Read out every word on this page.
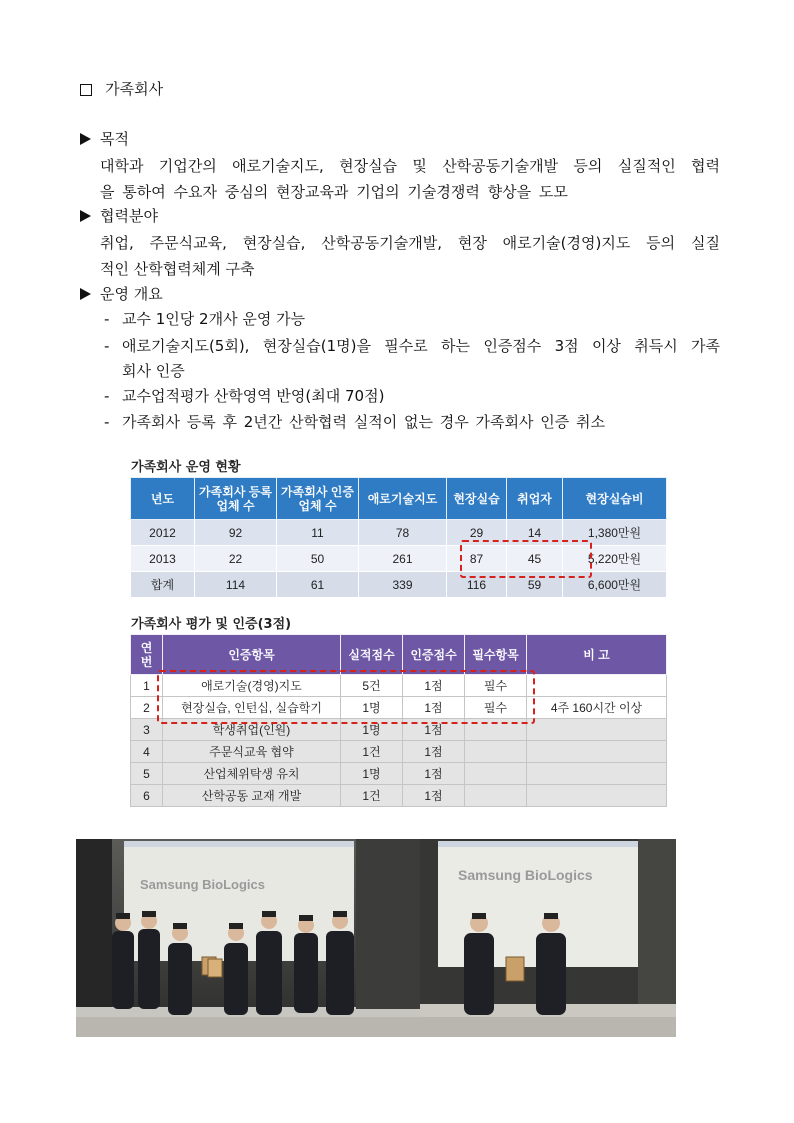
가족회사
목적
대학과 기업간의 애로기술지도, 현장실습 및 산학공동기술개발 등의 실질적인 협력
을 통하여 수요자 중심의 현장교육과 기업의 기술경쟁력 향상을 도모
협력분야
취업, 주문식교육, 현장실습, 산학공동기술개발, 현장 애로기술(경영)지도 등의 실질
적인 산학협력체계 구축
운영 개요
- 교수 1인당 2개사 운영 가능
- 애로기술지도(5회), 현장실습(1명)을 필수로 하는 인증점수 3점 이상 취득시 가족
회사 인증
- 교수업적평가 산학영역 반영(최대 70점)
- 가족회사 등록 후 2년간 산학협력 실적이 없는 경우 가족회사 인증 취소
가족회사 운영 현황
년도	가족회사 등록 업체 수	가족회사 인증 업체 수	애로기술지도	현장실습	취업자	현장실습비
2012	92	11	78	29	14	1,380만원
2013	22	50	261	87	45	5,220만원
합계	114	61	339	116	59	6,600만원
가족회사 평가 및 인증(3점)
연번	인증항목	실적점수	인증점수	필수항목	비 고
1	애로기술(경영)지도	5건	1점	필수	
2	현장실습, 인턴십, 실습학기	1명	1점	필수	4주 160시간 이상
3	학생취업(인원)	1명	1점		
4	주문식교육 협약	1건	1점		
5	산업체위탁생 유치	1명	1점		
6	산학공동 교재 개발	1건	1점		
Samsung BioLogics
Samsung BioLogics
